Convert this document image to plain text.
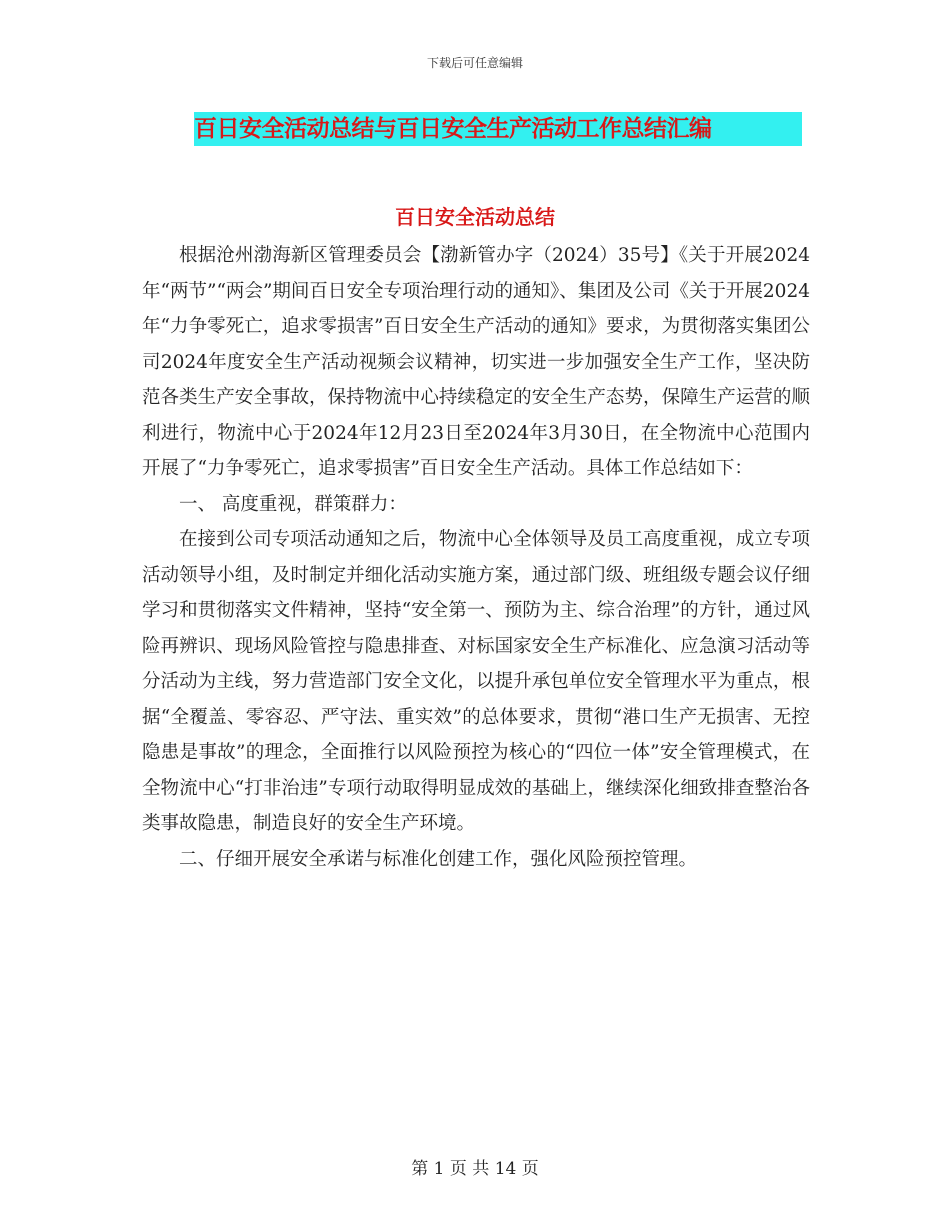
下载后可任意编辑
百日安全活动总结与百日安全生产活动工作总结汇编
百日安全活动总结

根据沧州渤海新区管理委员会【渤新管办字（2024）35号】《关于开展2024年“两节”“两会”期间百日安全专项治理行动的通知》、集团及公司《关于开展2024年“力争零死亡，追求零损害”百日安全生产活动的通知》要求，为贯彻落实集团公司2024年度安全生产活动视频会议精神，切实进一步加强安全生产工作，坚决防范各类生产安全事故，保持物流中心持续稳定的安全生产态势，保障生产运营的顺利进行，物流中心于2024年12月23日至2024年3月30日，在全物流中心范围内开展了“力争零死亡，追求零损害”百日安全生产活动。具体工作总结如下：

一、 高度重视，群策群力：

在接到公司专项活动通知之后，物流中心全体领导及员工高度重视，成立专项活动领导小组，及时制定并细化活动实施方案，通过部门级、班组级专题会议仔细学习和贯彻落实文件精神，坚持“安全第一、预防为主、综合治理”的方针，通过风险再辨识、现场风险管控与隐患排查、对标国家安全生产标准化、应急演习活动等分活动为主线，努力营造部门安全文化，以提升承包单位安全管理水平为重点，根据“全覆盖、零容忍、严守法、重实效”的总体要求，贯彻“港口生产无损害、无控隐患是事故”的理念，全面推行以风险预控为核心的“四位一体”安全管理模式，在全物流中心“打非治违”专项行动取得明显成效的基础上，继续深化细致排查整治各类事故隐患，制造良好的安全生产环境。

二、仔细开展安全承诺与标准化创建工作，强化风险预控管理。

第 1 页 共 14 页
